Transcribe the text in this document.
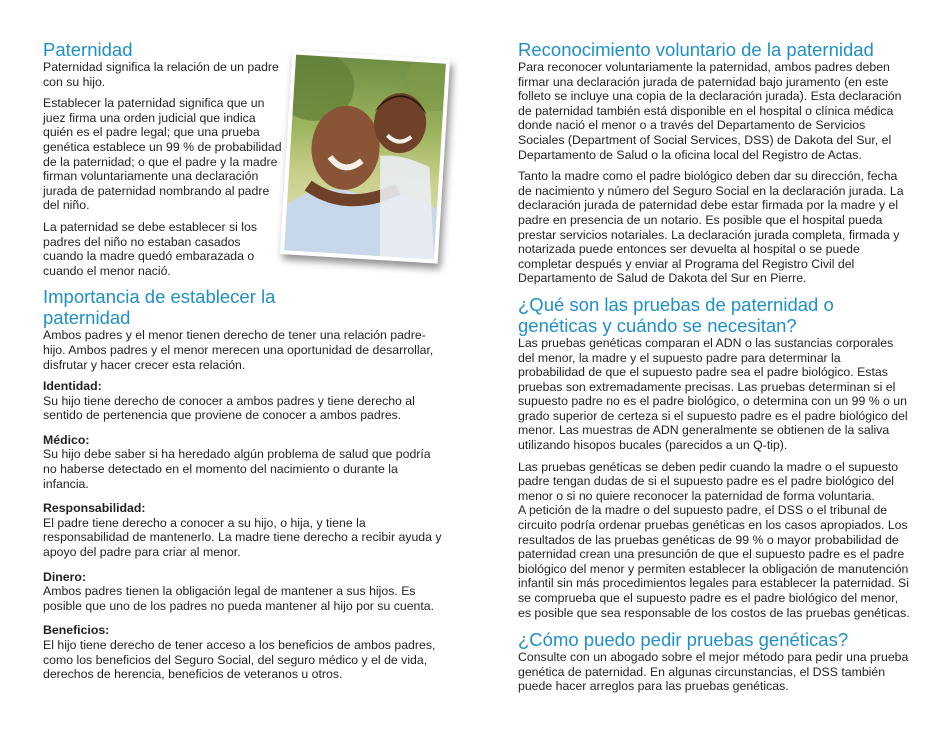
Paternidad

Paternidad significa la relación de un padre con su hijo.

Establecer la paternidad significa que un juez firma una orden judicial que indica quién es el padre legal; que una prueba genética establece un 99 % de probabilidad de la paternidad; o que el padre y la madre firman voluntariamente una declaración jurada de paternidad nombrando al padre del niño.

La paternidad se debe establecer si los padres del niño no estaban casados cuando la madre quedó embarazada o cuando el menor nació.

Importancia de establecer la paternidad

Ambos padres y el menor tienen derecho de tener una relación padre-hijo. Ambos padres y el menor merecen una oportunidad de desarrollar, disfrutar y hacer crecer esta relación.

Identidad:

Su hijo tiene derecho de conocer a ambos padres y tiene derecho al sentido de pertenencia que proviene de conocer a ambos padres.

Médico:

Su hijo debe saber si ha heredado algún problema de salud que podría no haberse detectado en el momento del nacimiento o durante la infancia.

Responsabilidad:

El padre tiene derecho a conocer a su hijo, o hija, y tiene la responsabilidad de mantenerlo. La madre tiene derecho a recibir ayuda y apoyo del padre para criar al menor.

Dinero:

Ambos padres tienen la obligación legal de mantener a sus hijos. Es posible que uno de los padres no pueda mantener al hijo por su cuenta.

Beneficios:

El hijo tiene derecho de tener acceso a los beneficios de ambos padres, como los beneficios del Seguro Social, del seguro médico y el de vida, derechos de herencia, beneficios de veteranos u otros.

Reconocimiento voluntario de la paternidad

Para reconocer voluntariamente la paternidad, ambos padres deben firmar una declaración jurada de paternidad bajo juramento (en este folleto se incluye una copia de la declaración jurada). Esta declaración de paternidad también está disponible en el hospital o clínica médica donde nació el menor o a través del Departamento de Servicios Sociales (Department of Social Services, DSS) de Dakota del Sur, el Departamento de Salud o la oficina local del Registro de Actas.

Tanto la madre como el padre biológico deben dar su dirección, fecha de nacimiento y número del Seguro Social en la declaración jurada. La declaración jurada de paternidad debe estar firmada por la madre y el padre en presencia de un notario. Es posible que el hospital pueda prestar servicios notariales. La declaración jurada completa, firmada y notarizada puede entonces ser devuelta al hospital o se puede completar después y enviar al Programa del Registro Civil del Departamento de Salud de Dakota del Sur en Pierre.

¿Qué son las pruebas de paternidad o genéticas y cuándo se necesitan?

Las pruebas genéticas comparan el ADN o las sustancias corporales del menor, la madre y el supuesto padre para determinar la probabilidad de que el supuesto padre sea el padre biológico. Estas pruebas son extremadamente precisas. Las pruebas determinan si el supuesto padre no es el padre biológico, o determina con un 99 % o un grado superior de certeza si el supuesto padre es el padre biológico del menor. Las muestras de ADN generalmente se obtienen de la saliva utilizando hisopos bucales (parecidos a un Q-tip).

Las pruebas genéticas se deben pedir cuando la madre o el supuesto padre tengan dudas de si el supuesto padre es el padre biológico del menor o si no quiere reconocer la paternidad de forma voluntaria.

A petición de la madre o del supuesto padre, el DSS o el tribunal de circuito podría ordenar pruebas genéticas en los casos apropiados. Los resultados de las pruebas genéticas de 99 % o mayor probabilidad de paternidad crean una presunción de que el supuesto padre es el padre biológico del menor y permiten establecer la obligación de manutención infantil sin más procedimientos legales para establecer la paternidad. Si se comprueba que el supuesto padre es el padre biológico del menor, es posible que sea responsable de los costos de las pruebas genéticas.

¿Cómo puedo pedir pruebas genéticas?

Consulte con un abogado sobre el mejor método para pedir una prueba genética de paternidad. En algunas circunstancias, el DSS también puede hacer arreglos para las pruebas genéticas.
